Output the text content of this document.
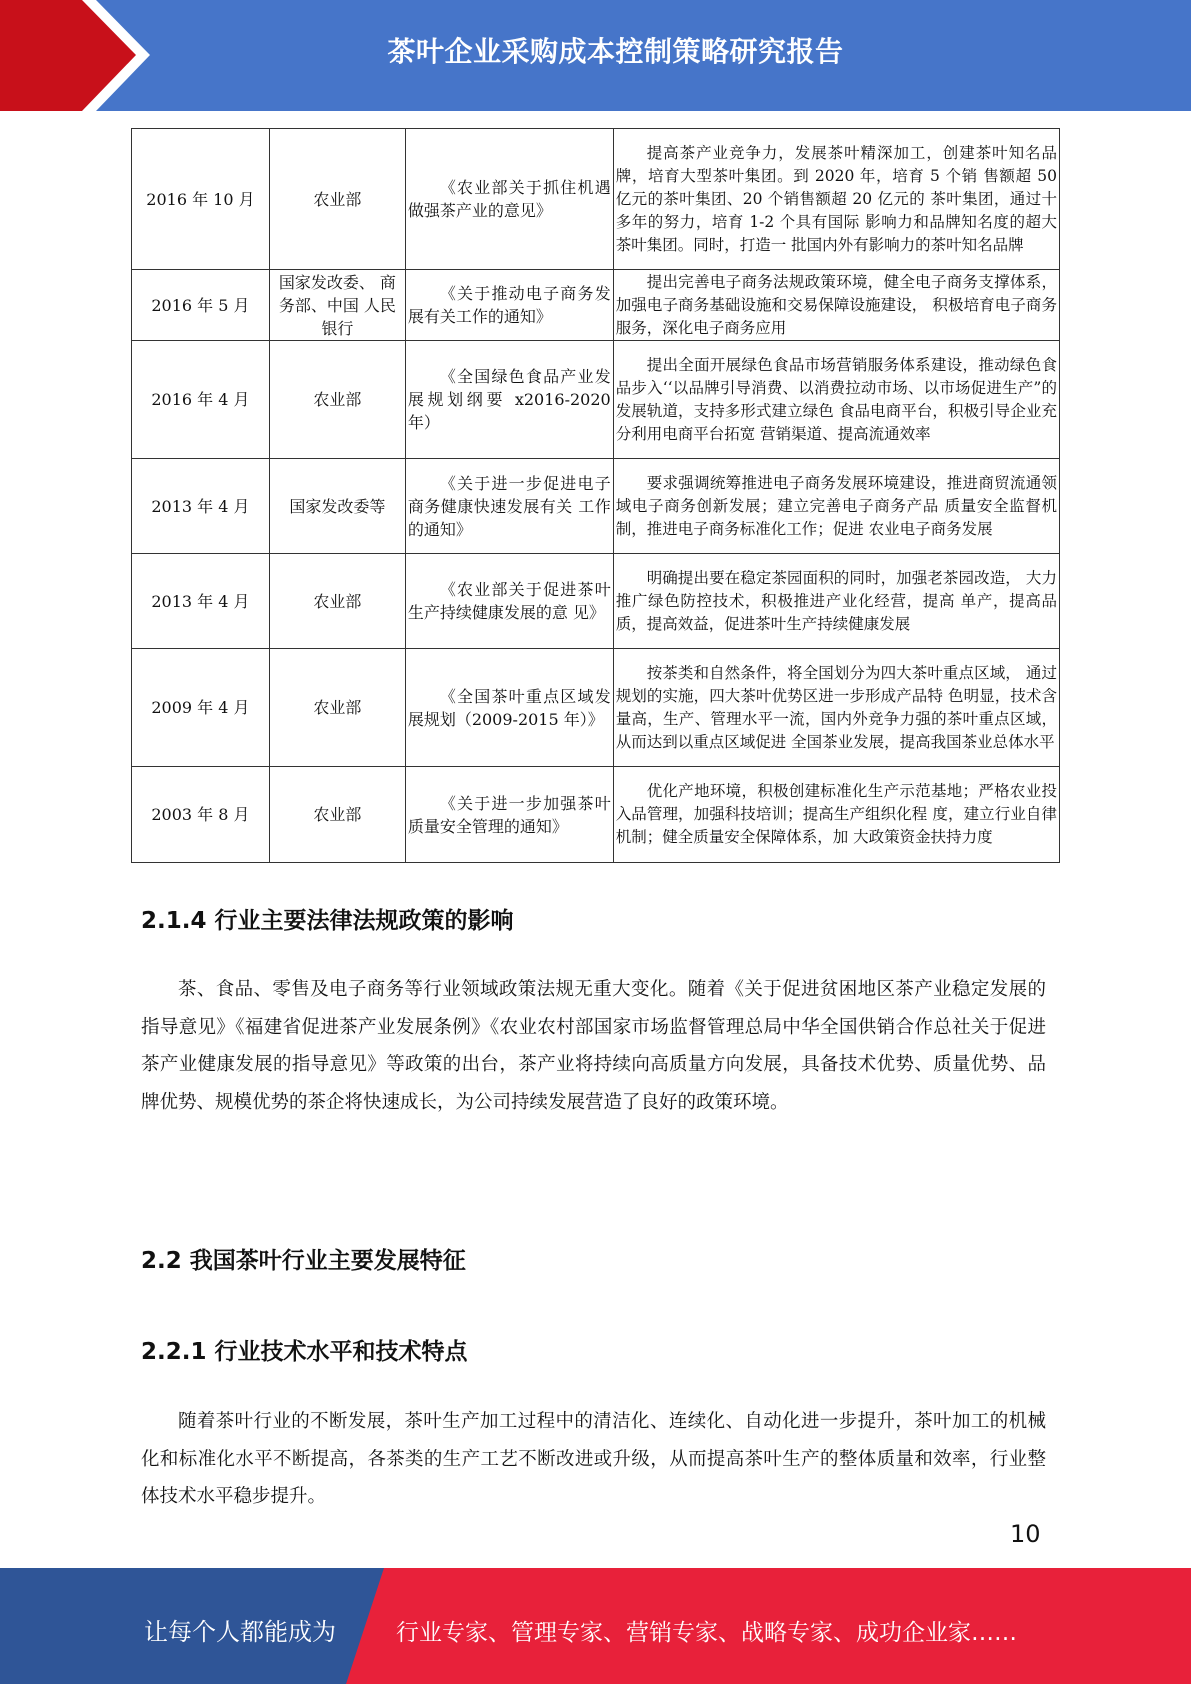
茶叶企业采购成本控制策略研究报告
2016 年 10 月	农业部	《农业部关于抓住机遇 做强茶产业的意见》	提高茶产业竞争力，发展茶叶精深加工，创建茶叶知名品牌，培育大型茶叶集团。到 2020 年，培育 5 个销 售额超 50 亿元的茶叶集团、20 个销售额超 20 亿元的 茶叶集团，通过十多年的努力，培育 1-2 个具有国际 影响力和品牌知名度的超大茶叶集团。同时，打造一 批国内外有影响力的茶叶知名品牌
2016 年 5 月	国家发改委、 商务部、中国 人民银行	《关于推动电子商务发 展有关工作的通知》	提出完善电子商务法规政策环境，健全电子商务支撑体系，加强电子商务基础设施和交易保障设施建设， 积极培育电子商务服务，深化电子商务应用
2016 年 4 月	农业部	《全国绿色食品产业发 展规划纲要 x2016-2020 年）	提出全面开展绿色食品市场营销服务体系建设，推动绿色食品步入‘‘以品牌引导消费、以消费拉动市场、以市场促进生产”的发展轨道，支持多形式建立绿色 食品电商平台，积极引导企业充分利用电商平台拓宽 营销渠道、提高流通效率
2013 年 4 月	国家发改委等	《关于进一步促进电子 商务健康快速发展有关 工作的通知》	要求强调统筹推进电子商务发展环境建设，推进商贸流通领域电子商务创新发展；建立完善电子商务产品 质量安全监督机制，推进电子商务标准化工作；促进 农业电子商务发展
2013 年 4 月	农业部	《农业部关于促进茶叶 生产持续健康发展的意 见》	明确提出要在稳定茶园面积的同时，加强老茶园改造， 大力推广绿色防控技术，积极推进产业化经营，提高 单产，提高品质，提高效益，促进茶叶生产持续健康发展
2009 年 4 月	农业部	《全国茶叶重点区域发 展规划（2009-2015 年）》	按茶类和自然条件，将全国划分为四大茶叶重点区域， 通过规划的实施，四大茶叶优势区进一步形成产品特 色明显，技术含量高，生产、管理水平一流，国内外竞争力强的茶叶重点区域，从而达到以重点区域促进 全国茶业发展，提高我国茶业总体水平
2003 年 8 月	农业部	《关于进一步加强茶叶 质量安全管理的通知》	优化产地环境，积极创建标准化生产示范基地；严格农业投入品管理，加强科技培训；提高生产组织化程 度，建立行业自律机制；健全质量安全保障体系，加 大政策资金扶持力度
2.1.4 行业主要法律法规政策的影响

茶、食品、零售及电子商务等行业领域政策法规无重大变化。随着《关于促进贫困地区茶产业稳定发展的指导意见》《福建省促进茶产业发展条例》《农业农村部国家市场监督管理总局中华全国供销合作总社关于促进茶产业健康发展的指导意见》等政策的出台，茶产业将持续向高质量方向发展，具备技术优势、质量优势、品牌优势、规模优势的茶企将快速成长，为公司持续发展营造了良好的政策环境。

2.2 我国茶叶行业主要发展特征
2.2.1 行业技术水平和技术特点

随着茶叶行业的不断发展，茶叶生产加工过程中的清洁化、连续化、自动化进一步提升，茶叶加工的机械化和标准化水平不断提高，各茶类的生产工艺不断改进或升级，从而提高茶叶生产的整体质量和效率，行业整体技术水平稳步提升。

10
让每个人都能成为	行业专家、管理专家、营销专家、战略专家、成功企业家……
